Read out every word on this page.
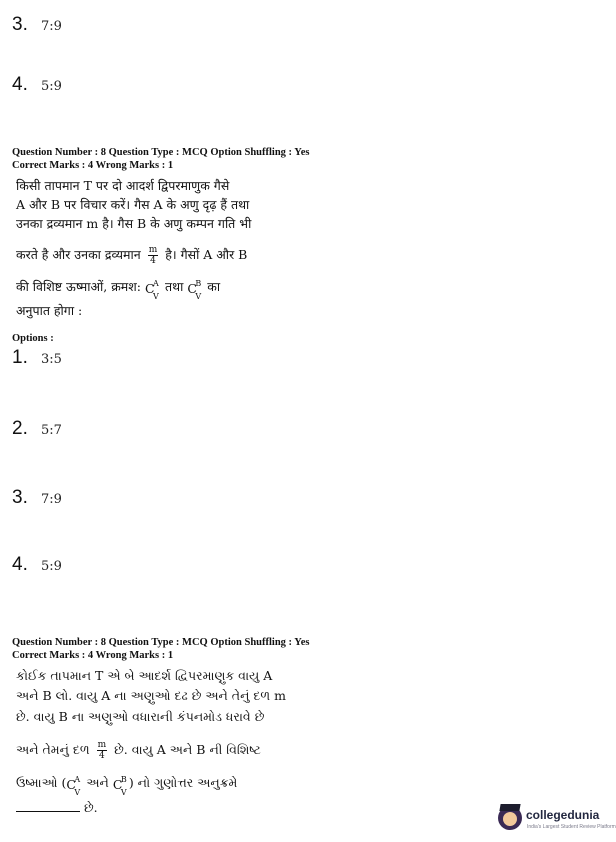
3. 7:9
4. 5:9
Question Number : 8 Question Type : MCQ Option Shuffling : Yes
Correct Marks : 4 Wrong Marks : 1
किसी तापमान T पर दो आदर्श द्विपरमाणुक गैसे
A और B पर विचार करें। गैस A के अणु दृढ़ हैं तथा
उनका द्रव्यमान m है। गैस B के अणु कम्पन गति भी
करते है और उनका द्रव्यमान $\frac{m}{4}$ है। गैसों A और B
की विशिष्ट ऊष्माओं, क्रमश: C
A
V
तथा C
B
V
का
अनुपात होगा :
Options :
1. 3:5
2. 5:7
3. 7:9
4. 5:9
Question Number : 8 Question Type : MCQ Option Shuffling : Yes
Correct Marks : 4 Wrong Marks : 1
કોઈક તાપમાન T એ બે આદર્શ દ્વિપરમાણુક વાયુ A
અને B લો. વાયુ A ના અણુઓ દઢ છે અને તેનું દળ m
છે. વાયુ B ના અણુઓ વધારાની કંપનમોડ ધરાવે છે
અને તેમનું દળ $\frac{m}{4}$ છે. વાયુ A અને B ની વિશિષ્ટ
ઉષ્માઓ ( C
A
V
અને C
B
V
) નો ગુણોત્તર અનુક્રમે
છે.	collegedunia
India's Largest Student Review Platform
